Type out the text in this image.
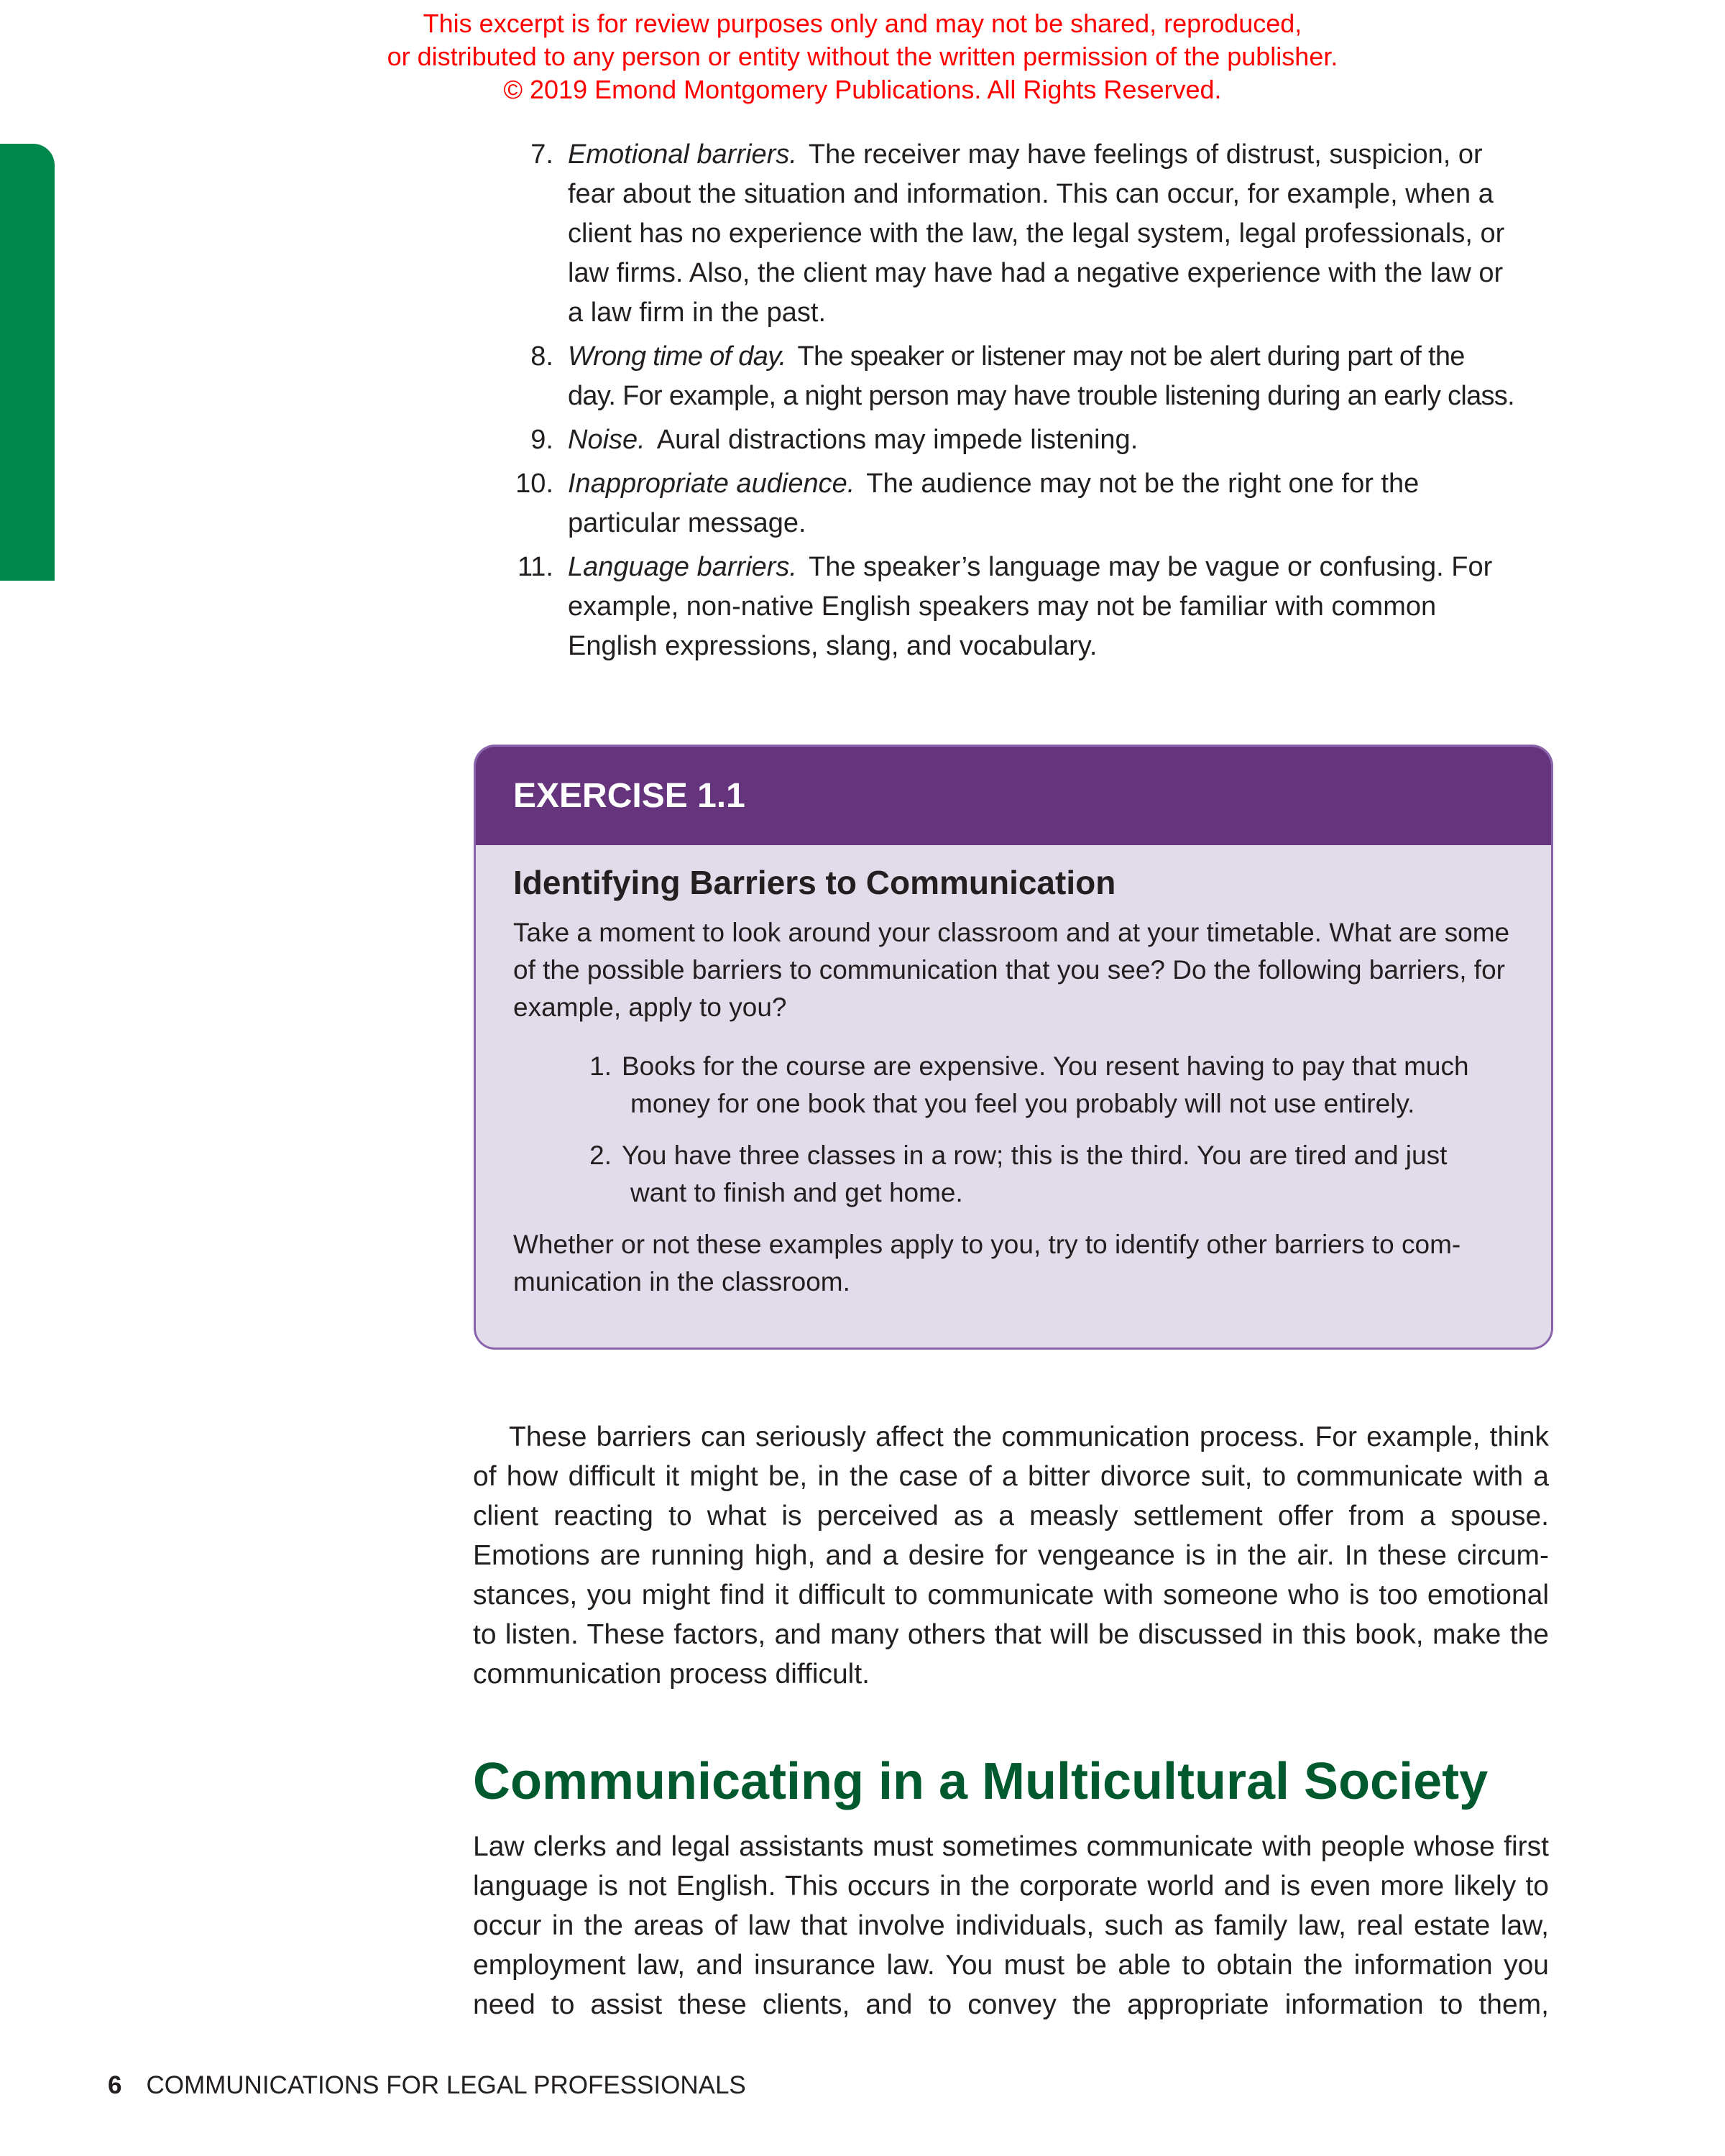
This excerpt is for review purposes only and may not be shared, reproduced,
or distributed to any person or entity without the written permission of the publisher.
© 2019 Emond Montgomery Publications. All Rights Reserved.
7. Emotional barriers. The receiver may have feelings of distrust, suspicion, or
fear about the situation and information. This can occur, for example, when a
client has no experience with the law, the legal system, legal professionals, or
law firms. Also, the client may have had a negative experience with the law or
a law firm in the past.
8. Wrong time of day. The speaker or listener may not be alert during part of the
day. For example, a night person may have trouble listening during an early class.
9. Noise. Aural distractions may impede listening.
10. Inappropriate audience. The audience may not be the right one for the
particular message.
11. Language barriers. The speaker’s language may be vague or confusing. For
example, non-native English speakers may not be familiar with common
English expressions, slang, and vocabulary.
EXERCISE 1.1
Identifying Barriers to Communication
Take a moment to look around your classroom and at your timetable. What are some
of the possible barriers to communication that you see? Do the following barriers, for
example, apply to you?
1. Books for the course are expensive. You resent having to pay that much
money for one book that you feel you probably will not use entirely.
2. You have three classes in a row; this is the third. You are tired and just
want to finish and get home.
Whether or not these examples apply to you, try to identify other barriers to com-
munication in the classroom.
These barriers can seriously affect the communication process. For example, think
of how difficult it might be, in the case of a bitter divorce suit, to communicate with a
client reacting to what is perceived as a measly settlement offer from a spouse.
Emotions are running high, and a desire for vengeance is in the air. In these circum-
stances, you might find it difficult to communicate with someone who is too emotional
to listen. These factors, and many others that will be discussed in this book, make the
communication process difficult.
Communicating in a Multicultural Society
Law clerks and legal assistants must sometimes communicate with people whose first
language is not English. This occurs in the corporate world and is even more likely to
occur in the areas of law that involve individuals, such as family law, real estate law,
employment law, and insurance law. You must be able to obtain the information you
need to assist these clients, and to convey the appropriate information to them,
6 COMMUNICATIONS FOR LEGAL PROFESSIONALS
